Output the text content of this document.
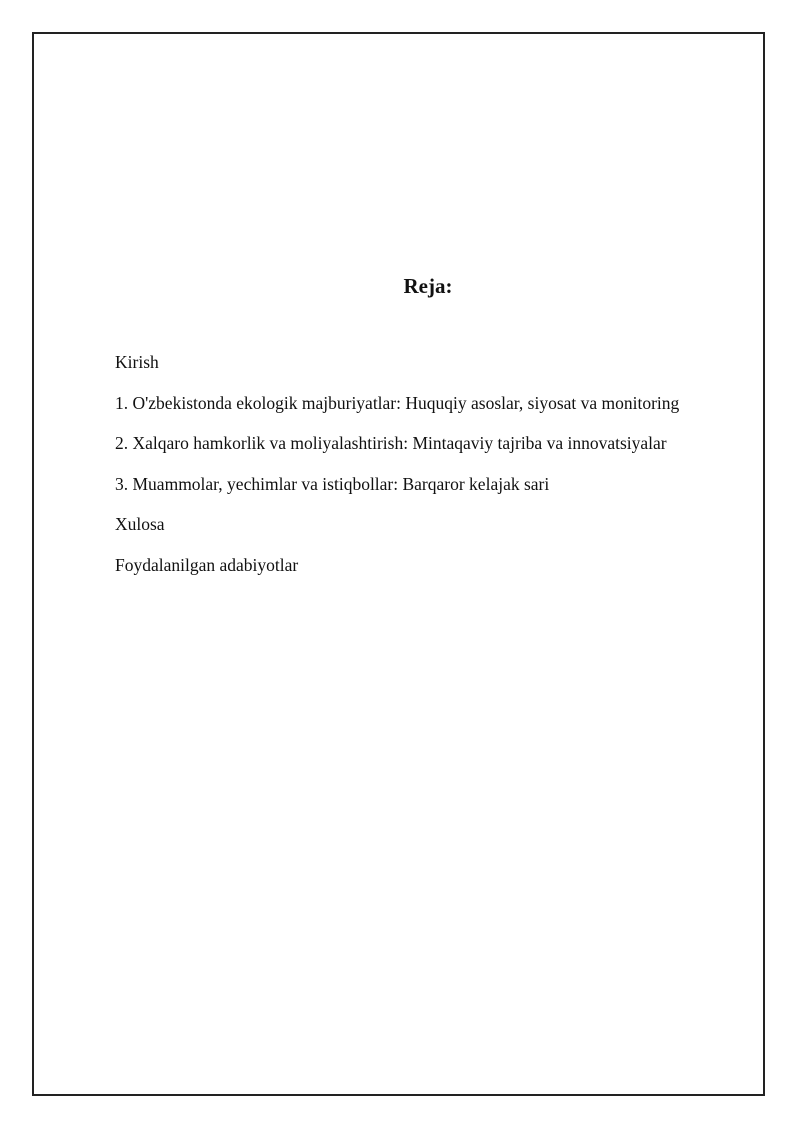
Reja:
Kirish
1. O'zbekistonda ekologik majburiyatlar: Huquqiy asoslar, siyosat va monitoring
2. Xalqaro hamkorlik va moliyalashtirish: Mintaqaviy tajriba va innovatsiyalar
3. Muammolar, yechimlar va istiqbollar: Barqaror kelajak sari
Xulosa
Foydalanilgan adabiyotlar
